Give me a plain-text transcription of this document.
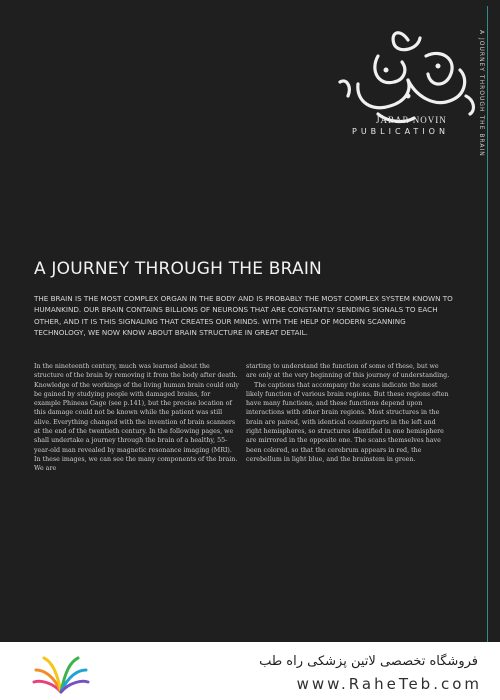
A JOURNEY THROUGH THE BRAIN
JABAR NOVIN
PUBLICATION
A JOURNEY THROUGH THE BRAIN
THE BRAIN IS THE MOST COMPLEX ORGAN IN THE BODY AND IS PROBABLY THE MOST COMPLEX SYSTEM KNOWN TO HUMANKIND. OUR BRAIN CONTAINS BILLIONS OF NEURONS THAT ARE CONSTANTLY SENDING SIGNALS TO EACH OTHER, AND IT IS THIS SIGNALING THAT CREATES OUR MINDS. WITH THE HELP OF MODERN SCANNING TECHNOLOGY, WE NOW KNOW ABOUT BRAIN STRUCTURE IN GREAT DETAIL.

In the nineteenth century, much was learned about the structure of the brain by removing it from the body after death. Knowledge of the workings of the living human brain could only be gained by studying people with damaged brains, for example Phineas Gage (see p.141), but the precise location of this damage could not be known while the patient was still alive. Everything changed with the invention of brain scanners at the end of the twentieth century. In the following pages, we shall undertake a journey through the brain of a healthy, 55-year-old man revealed by magnetic resonance imaging (MRI). In these images, we can see the many components of the brain. We are

starting to understand the function of some of these, but we are only at the very beginning of this journey of understanding.

The captions that accompany the scans indicate the most likely function of various brain regions. But these regions often have many functions, and these functions depend upon interactions with other brain regions. Most structures in the brain are paired, with identical counterparts in the left and right hemispheres, so structures identified in one hemisphere are mirrored in the opposite one. The scans themselves have been colored, so that the cerebrum appears in red, the cerebellum in light blue, and the brainstem in green.

فروشگاه تخصصی لاتین پزشکی راه طب
www.RaheTeb.com
